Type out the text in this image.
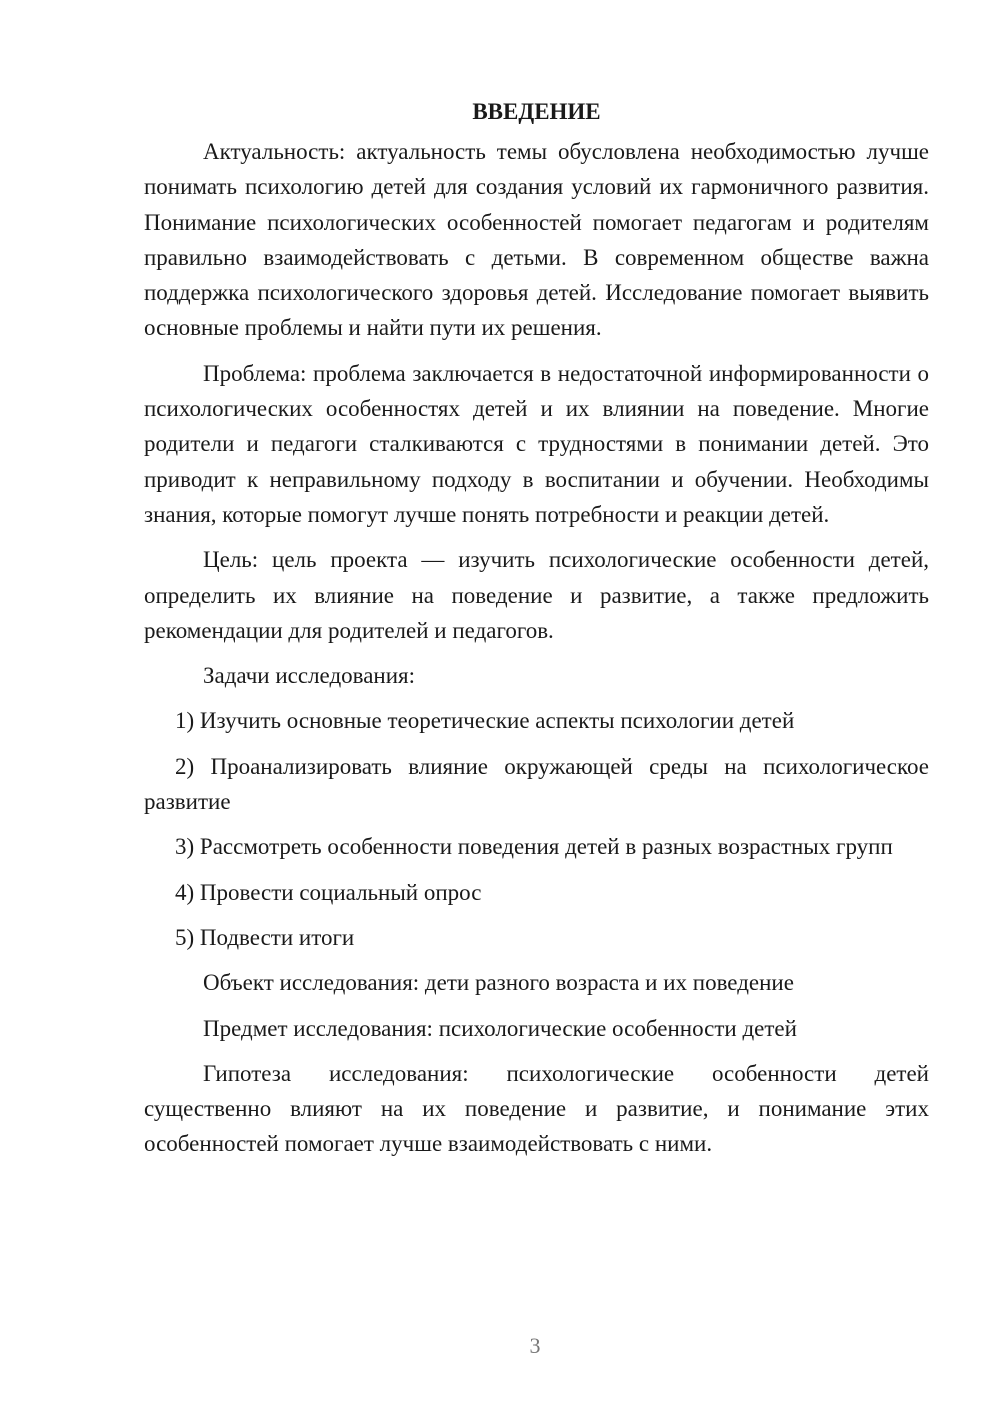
ВВЕДЕНИЕ

Актуальность: актуальность темы обусловлена необходимостью лучше понимать психологию детей для создания условий их гармоничного развития. Понимание психологических особенностей помогает педагогам и родителям правильно взаимодействовать с детьми. В современном обществе важна поддержка психологического здоровья детей. Исследование помогает выявить основные проблемы и найти пути их решения.

Проблема: проблема заключается в недостаточной информированности о психологических особенностях детей и их влиянии на поведение. Многие родители и педагоги сталкиваются с трудностями в понимании детей. Это приводит к неправильному подходу в воспитании и обучении. Необходимы знания, которые помогут лучше понять потребности и реакции детей.

Цель: цель проекта — изучить психологические особенности детей, определить их влияние на поведение и развитие, а также предложить рекомендации для родителей и педагогов.

Задачи исследования:

1) Изучить основные теоретические аспекты психологии детей

2) Проанализировать влияние окружающей среды на психологическое развитие

3) Рассмотреть особенности поведения детей в разных возрастных групп

4) Провести социальный опрос

5) Подвести итоги

Объект исследования: дети разного возраста и их поведение

Предмет исследования: психологические особенности детей

Гипотеза исследования: психологические особенности детей существенно влияют на их поведение и развитие, и понимание этих особенностей помогает лучше взаимодействовать с ними.

3
